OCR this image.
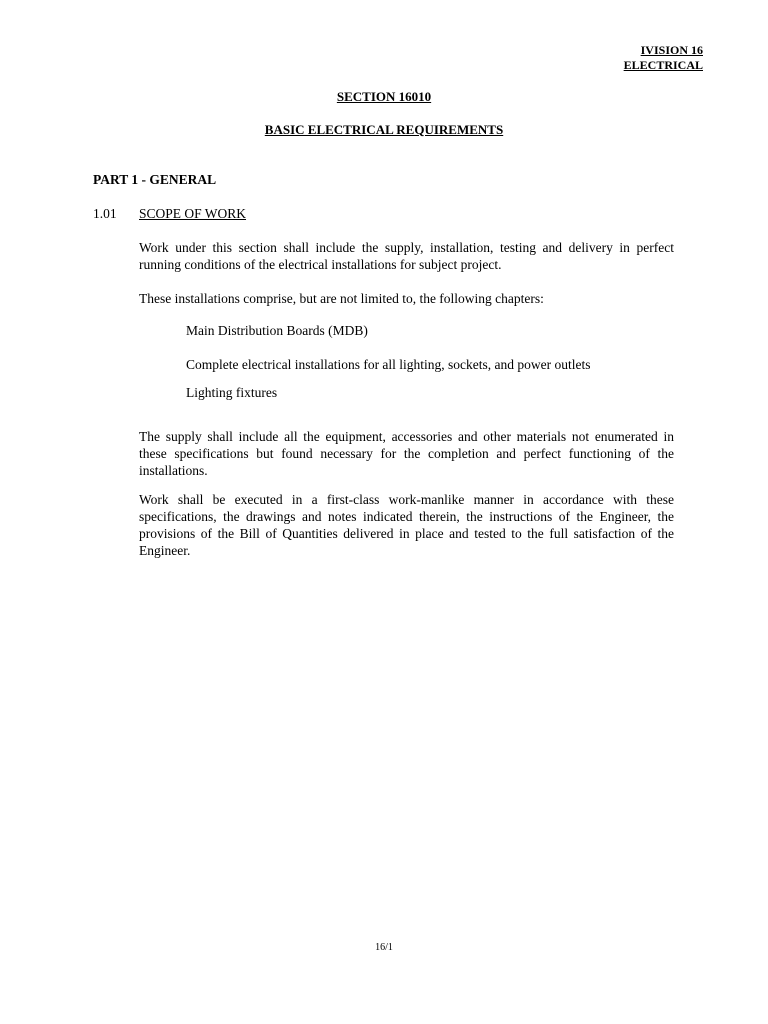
IVISION 16
ELECTRICAL
SECTION 16010
BASIC ELECTRICAL REQUIREMENTS
PART 1 - GENERAL
1.01 SCOPE OF WORK
Work under this section shall include the supply, installation, testing and delivery in perfect running conditions of the electrical installations for subject project.
These installations comprise, but are not limited to, the following chapters:
Main Distribution Boards (MDB)
Complete electrical installations for all lighting, sockets, and power outlets
Lighting fixtures
The supply shall include all the equipment, accessories and other materials not enumerated in these specifications but found necessary for the completion and perfect functioning of the installations.
Work shall be executed in a first-class work-manlike manner in accordance with these specifications, the drawings and notes indicated therein, the instructions of the Engineer, the provisions of the Bill of Quantities delivered in place and tested to the full satisfaction of the Engineer.
16/1
